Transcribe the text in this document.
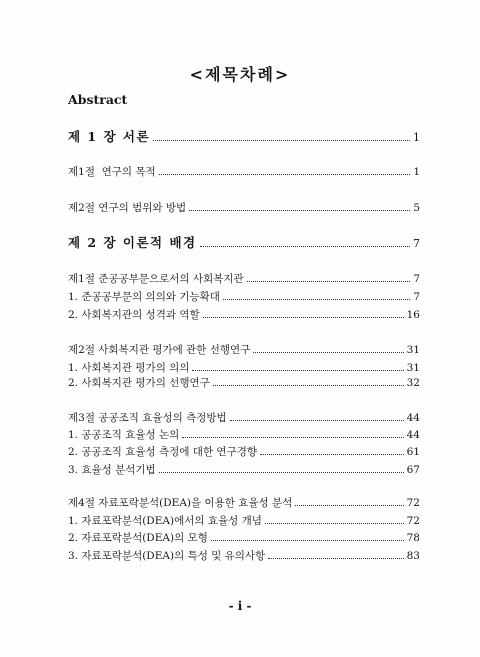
<제목차례>
Abstract
제 1 장 서론	1
제1절  연구의 목적	1
제2절 연구의 범위와 방법	5
제 2 장 이론적 배경	7
제1절 준공공부문으로서의 사회복지관	7
1. 준공공부문의 의의와 기능확대	7
2. 사회복지관의 성격과 역할	16
제2절 사회복지관 평가에 관한 선행연구	31
1. 사회복지관 평가의 의의	31
2. 사회복지관 평가의 선행연구	32
제3절 공공조직 효율성의 측정방법	44
1. 공공조직 효율성 논의	44
2. 공공조직 효율성 측정에 대한 연구경향	61
3. 효율성 분석기법	67
제4절 자료포락분석(DEA)을 이용한 효율성 분석	72
1. 자료포락분석(DEA)에서의 효율성 개념	72
2. 자료포락분석(DEA)의 모형	78
3. 자료포락분석(DEA)의 특성 및 유의사항	83
- i -
